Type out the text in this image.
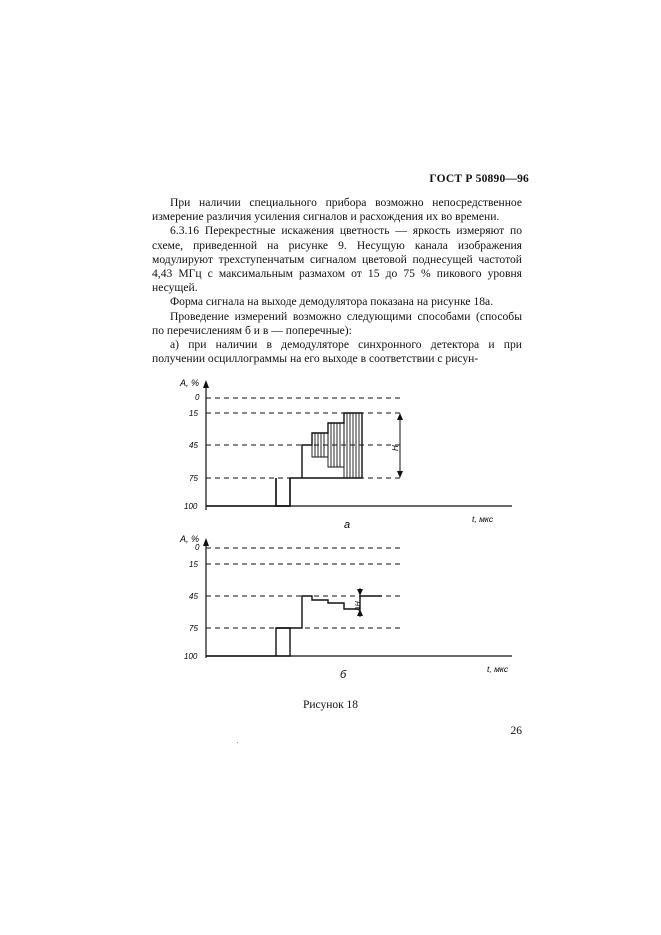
ГОСТ Р 50890—96

При наличии специального прибора возможно непосредственное измерение различия усиления сигналов и расхождения их во времени.

6.3.16 Перекрестные искажения цветность — яркость измеряют по схеме, приведенной на рисунке 9. Несущую канала изображения модулируют трехступенчатым сигналом цветовой поднесущей частотой 4,43 МГц с максимальным размахом от 15 до 75 % пикового уровня несущей.

Форма сигнала на выходе демодулятора показана на рисунке 18а.

Проведение измерений возможно следующими способами (способы по перечислениям б и в — поперечные):

а) при наличии в демодуляторе синхронного детектора и при получении осциллограммы на его выходе в соответствии с рисун-

A, %
0
15
45
75
100
H
t, мкс
а
A, %
0
15
45
75
100
ΔH
t, мкс
б
Рисунок 18
26
